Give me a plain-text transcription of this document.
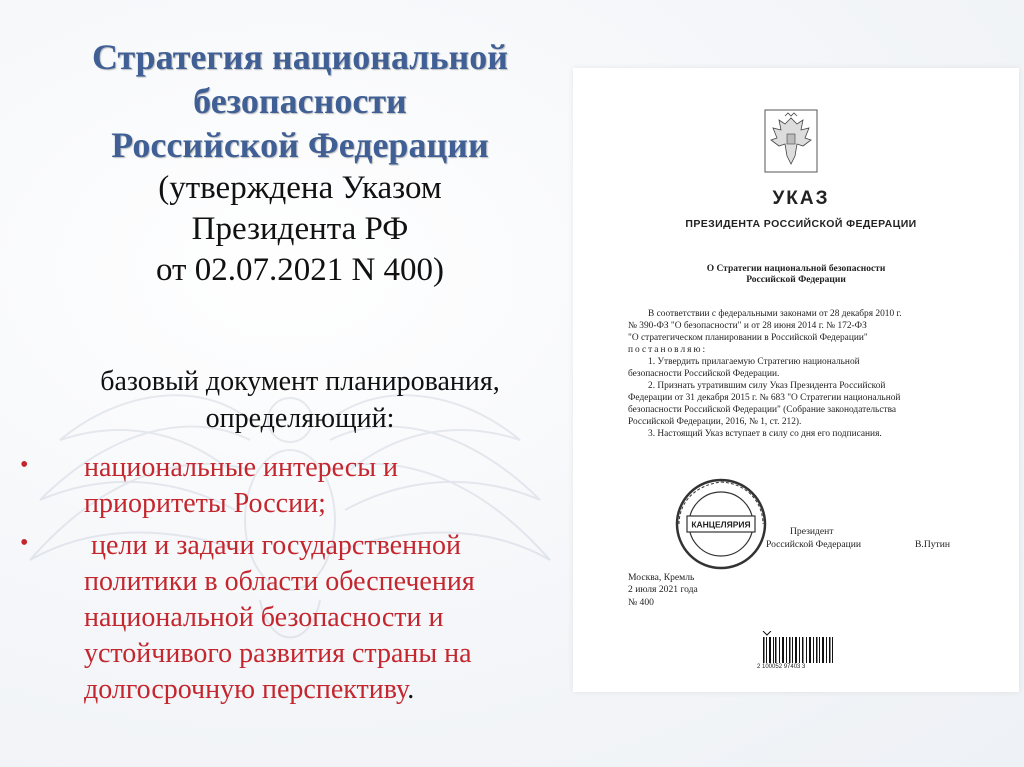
Стратегия национальной
безопасности
Российской Федерации
(утверждена Указом
Президента РФ
от 02.07.2021 N 400)
базовый документ планирования,
определяющий:
• национальные интересы и
приоритеты России;
• цели и задачи государственной
политики в области обеспечения
национальной безопасности и
устойчивого развития страны на
долгосрочную перспективу.
УКАЗ
ПРЕЗИДЕНТА РОССИЙСКОЙ ФЕДЕРАЦИИ
О Стратегии национальной безопасности
Российской Федерации
В соответствии с федеральными законами от 28 декабря 2010 г.
№ 390-ФЗ "О безопасности" и от 28 июня 2014 г. № 172-ФЗ
"О стратегическом планировании в Российской Федерации"
постановляю:
1. Утвердить прилагаемую Стратегию национальной
безопасности Российской Федерации.
2. Признать утратившим силу Указ Президента Российской
Федерации от 31 декабря 2015 г. № 683 "О Стратегии национальной
безопасности Российской Федерации" (Собрание законодательства
Российской Федерации, 2016, № 1, ст. 212).
3. Настоящий Указ вступает в силу со дня его подписания.
КАНЦЕЛЯРИЯ
Президент
Российской Федерации	В.Путин
Москва, Кремль
2 июля 2021 года
№ 400
2 100052 97403 3
